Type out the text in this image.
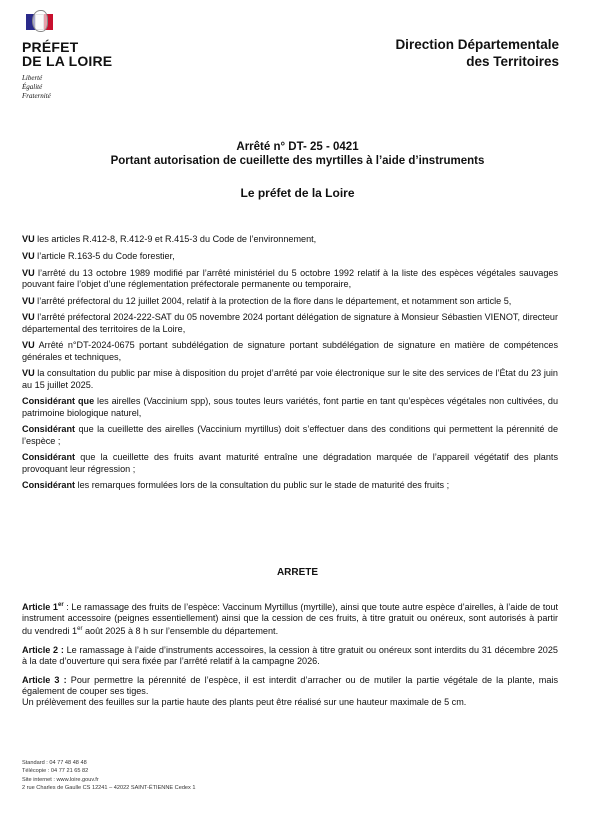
PRÉFET
DE LA LOIRE
Liberté
Égalité
Fraternité
Direction Départementale
des Territoires
Arrêté n° DT- 25 - 0421
Portant autorisation de cueillette des myrtilles à l’aide d’instruments
Le préfet de la Loire

VU les articles R.412-8, R.412-9 et R.415-3 du Code de l’environnement,

VU l’article R.163-5 du Code forestier,

VU l’arrêté du 13 octobre 1989 modifié par l’arrêté ministériel du 5 octobre 1992 relatif à la liste des espèces végétales sauvages pouvant faire l’objet d’une réglementation préfectorale permanente ou temporaire,

VU l’arrêté préfectoral du 12 juillet 2004, relatif à la protection de la flore dans le département, et notamment son article 5,

VU l’arrêté préfectoral 2024-222-SAT du 05 novembre 2024 portant délégation de signature à Monsieur Sébastien VIENOT, directeur départemental des territoires de la Loire,

VU Arrêté n°DT-2024-0675 portant subdélégation de signature portant subdélégation de signature en matière de compétences générales et techniques,

VU la consultation du public par mise à disposition du projet d’arrêté par voie électronique sur le site des services de l’État du 23 juin au 15 juillet 2025.

Considérant que les airelles (Vaccinium spp), sous toutes leurs variétés, font partie en tant qu’espèces végétales non cultivées, du patrimoine biologique naturel,

Considérant que la cueillette des airelles (Vaccinium myrtillus) doit s’effectuer dans des conditions qui permettent la pérennité de l’espèce ;

Considérant que la cueillette des fruits avant maturité entraîne une dégradation marquée de l’appareil végétatif des plants provoquant leur régression ;

Considérant les remarques formulées lors de la consultation du public sur le stade de maturité des fruits ;

ARRETE

Article 1er : Le ramassage des fruits de l’espèce: Vaccinum Myrtillus (myrtille), ainsi que toute autre espèce d’airelles, à l’aide de tout instrument accessoire (peignes essentiellement) ainsi que la cession de ces fruits, à titre gratuit ou onéreux, sont autorisés à partir du vendredi 1er août 2025 à 8 h sur l’ensemble du département.

Article 2 : Le ramassage à l’aide d’instruments accessoires, la cession à titre gratuit ou onéreux sont interdits du 31 décembre 2025 à la date d’ouverture qui sera fixée par l’arrêté relatif à la campagne 2026.

Article 3 : Pour permettre la pérennité de l’espèce, il est interdit d’arracher ou de mutiler la partie végétale de la plante, mais également de couper ses tiges.
Un prélèvement des feuilles sur la partie haute des plants peut être réalisé sur une hauteur maximale de 5 cm.

Standard : 04 77 48 48 48
Télécopie : 04 77 21 65 82
Site internet : www.loire.gouv.fr
2 rue Charles de Gaulle CS 12241 – 42022 SAINT-ÉTIENNE Cedex 1
